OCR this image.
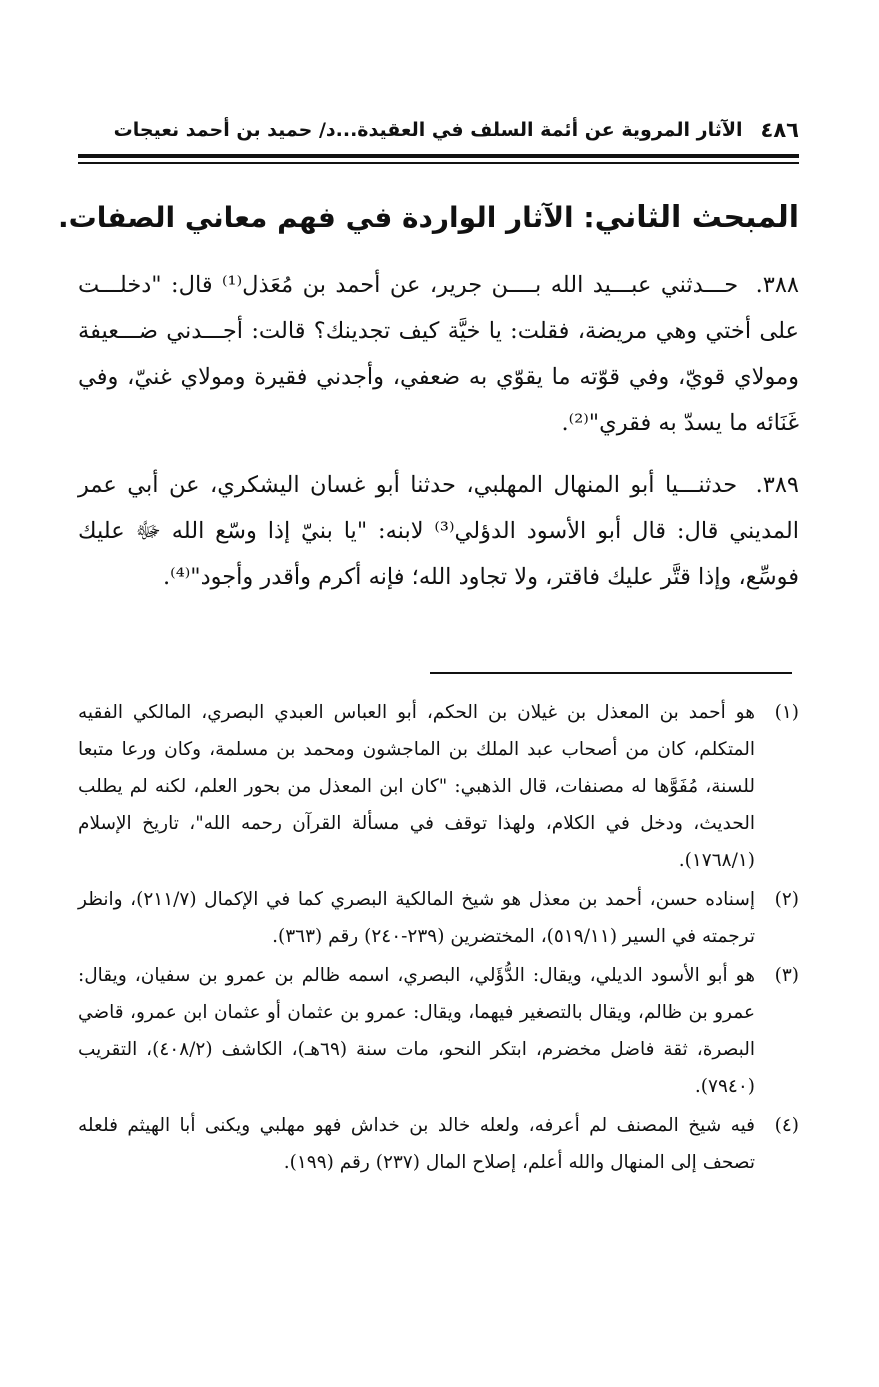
٤٨٦
الآثار المروية عن أئمة السلف في العقيدة...د/ حميد بن أحمد نعيجات
المبحث الثاني: الآثار الواردة في فهم معاني الصفات.

٣٨٨. حـــدثني عبـــيد الله بــــن جرير، عن أحمد بن مُعَذل⁽¹⁾ قال: "دخلـــت على أختي وهي مريضة، فقلت: يا خيَّة كيف تجدينك؟ قالت: أجـــدني ضـــعيفة ومولاي قويّ، وفي قوّته ما يقوّي به ضعفي، وأجدني فقيرة ومولاي غنيّ، وفي غَنَائه ما يسدّ به فقري"⁽²⁾.

٣٨٩. حدثنـــيا أبو المنهال المهلبي، حدثنا أبو غسان اليشكري، عن أبي عمر المديني قال: قال أبو الأسود الدؤلي⁽³⁾ لابنه: "يا بنيّ إذا وسّع الله ﷻ عليك فوسِّع، وإذا قتَّر عليك فاقتر، ولا تجاود الله؛ فإنه أكرم وأقدر وأجود"⁽⁴⁾.

(١)
هو أحمد بن المعذل بن غيلان بن الحكم، أبو العباس العبدي البصري، المالكي الفقيه المتكلم، كان من أصحاب عبد الملك بن الماجشون ومحمد بن مسلمة، وكان ورعا متبعا للسنة، مُفَوَّها له مصنفات، قال الذهبي: "كان ابن المعذل من بحور العلم، لكنه لم يطلب الحديث، ودخل في الكلام، ولهذا توقف في مسألة القرآن رحمه الله"، تاريخ الإسلام (١٧٦٨/١).
(٢)
إسناده حسن، أحمد بن معذل هو شيخ المالكية البصري كما في الإكمال (٢١١/٧)، وانظر ترجمته في السير (٥١٩/١١)، المختضرين (٢٣٩-٢٤٠) رقم (٣٦٣).
(٣)
هو أبو الأسود الديلي، ويقال: الدُّؤَلي، البصري، اسمه ظالم بن عمرو بن سفيان، ويقال: عمرو بن ظالم، ويقال بالتصغير فيهما، ويقال: عمرو بن عثمان أو عثمان ابن عمرو، قاضي البصرة، ثقة فاضل مخضرم، ابتكر النحو، مات سنة (٦٩هـ)، الكاشف (٤٠٨/٢)، التقريب (٧٩٤٠).
(٤)
فيه شيخ المصنف لم أعرفه، ولعله خالد بن خداش فهو مهلبي ويكنى أبا الهيثم فلعله تصحف إلى المنهال والله أعلم، إصلاح المال (٢٣٧) رقم (١٩٩).
